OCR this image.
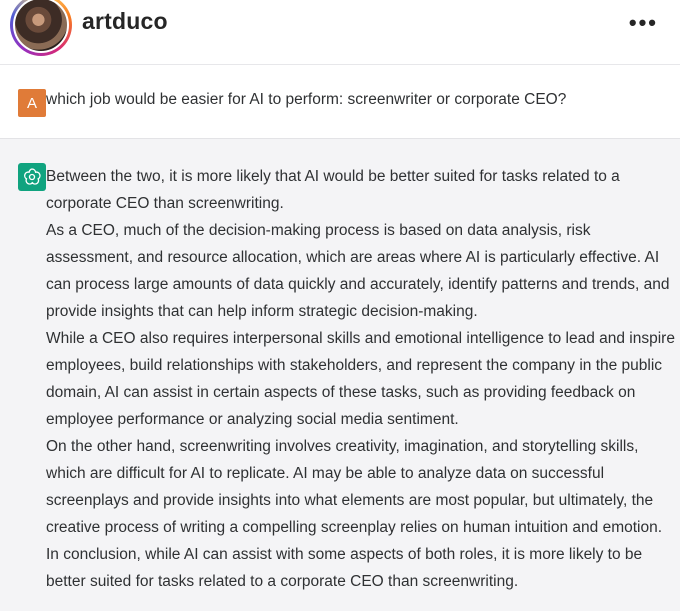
artduco	•••
A which job would be easier for AI to perform: screenwriter or corporate CEO?

Between the two, it is more likely that AI would be better suited for tasks related to a corporate CEO than screenwriting.

As a CEO, much of the decision-making process is based on data analysis, risk assessment, and resource allocation, which are areas where AI is particularly effective. AI can process large amounts of data quickly and accurately, identify patterns and trends, and provide insights that can help inform strategic decision-making.

While a CEO also requires interpersonal skills and emotional intelligence to lead and inspire employees, build relationships with stakeholders, and represent the company in the public domain, AI can assist in certain aspects of these tasks, such as providing feedback on employee performance or analyzing social media sentiment.

On the other hand, screenwriting involves creativity, imagination, and storytelling skills, which are difficult for AI to replicate. AI may be able to analyze data on successful screenplays and provide insights into what elements are most popular, but ultimately, the creative process of writing a compelling screenplay relies on human intuition and emotion.

In conclusion, while AI can assist with some aspects of both roles, it is more likely to be better suited for tasks related to a corporate CEO than screenwriting.
